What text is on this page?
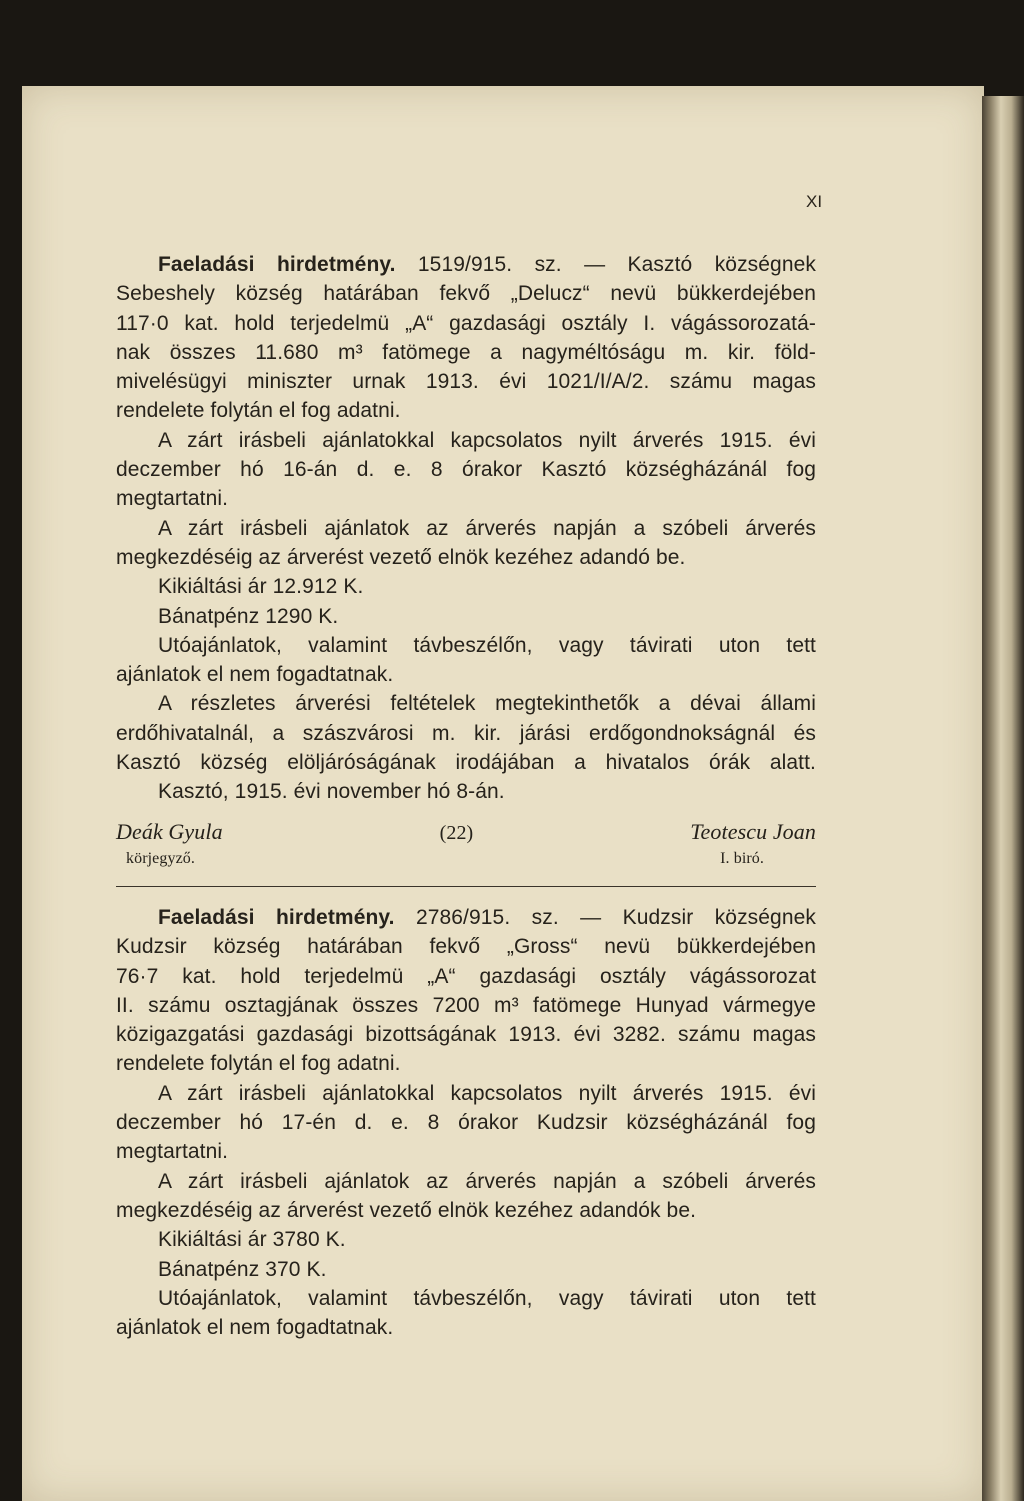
XI

Faeladási hirdetmény. 1519/915. sz. — Kasztó községnek

Sebeshely község határában fekvő „Delucz“ nevü bükkerdejében

117·0 kat. hold terjedelmü „A“ gazdasági osztály I. vágássorozatá-

nak összes 11.680 m³ fatömege a nagyméltóságu m. kir. föld-

mivelésügyi miniszter urnak 1913. évi 1021/I/A/2. számu magas

rendelete folytán el fog adatni.

A zárt irásbeli ajánlatokkal kapcsolatos nyilt árverés 1915. évi

deczember hó 16-án d. e. 8 órakor Kasztó községházánál fog

megtartatni.

A zárt irásbeli ajánlatok az árverés napján a szóbeli árverés

megkezdéséig az árverést vezető elnök kezéhez adandó be.

Kikiáltási ár 12.912 K.

Bánatpénz 1290 K.

Utóajánlatok, valamint távbeszélőn, vagy távirati uton tett

ajánlatok el nem fogadtatnak.

A részletes árverési feltételek megtekinthetők a dévai állami

erdőhivatalnál, a szászvárosi m. kir. járási erdőgondnokságnál és

Kasztó község elöljáróságának irodájában a hivatalos órák alatt.

Kasztó, 1915. évi november hó 8-án.

Deák Gyula	(22)	Teotescu Joan
körjegyző.	I. biró.

Faeladási hirdetmény. 2786/915. sz. — Kudzsir községnek

Kudzsir község határában fekvő „Gross“ nevü bükkerdejében

76·7 kat. hold terjedelmü „A“ gazdasági osztály vágássorozat

II. számu osztagjának összes 7200 m³ fatömege Hunyad vármegye

közigazgatási gazdasági bizottságának 1913. évi 3282. számu magas

rendelete folytán el fog adatni.

A zárt irásbeli ajánlatokkal kapcsolatos nyilt árverés 1915. évi

deczember hó 17-én d. e. 8 órakor Kudzsir községházánál fog

megtartatni.

A zárt irásbeli ajánlatok az árverés napján a szóbeli árverés

megkezdéséig az árverést vezető elnök kezéhez adandók be.

Kikiáltási ár 3780 K.

Bánatpénz 370 K.

Utóajánlatok, valamint távbeszélőn, vagy távirati uton tett

ajánlatok el nem fogadtatnak.
